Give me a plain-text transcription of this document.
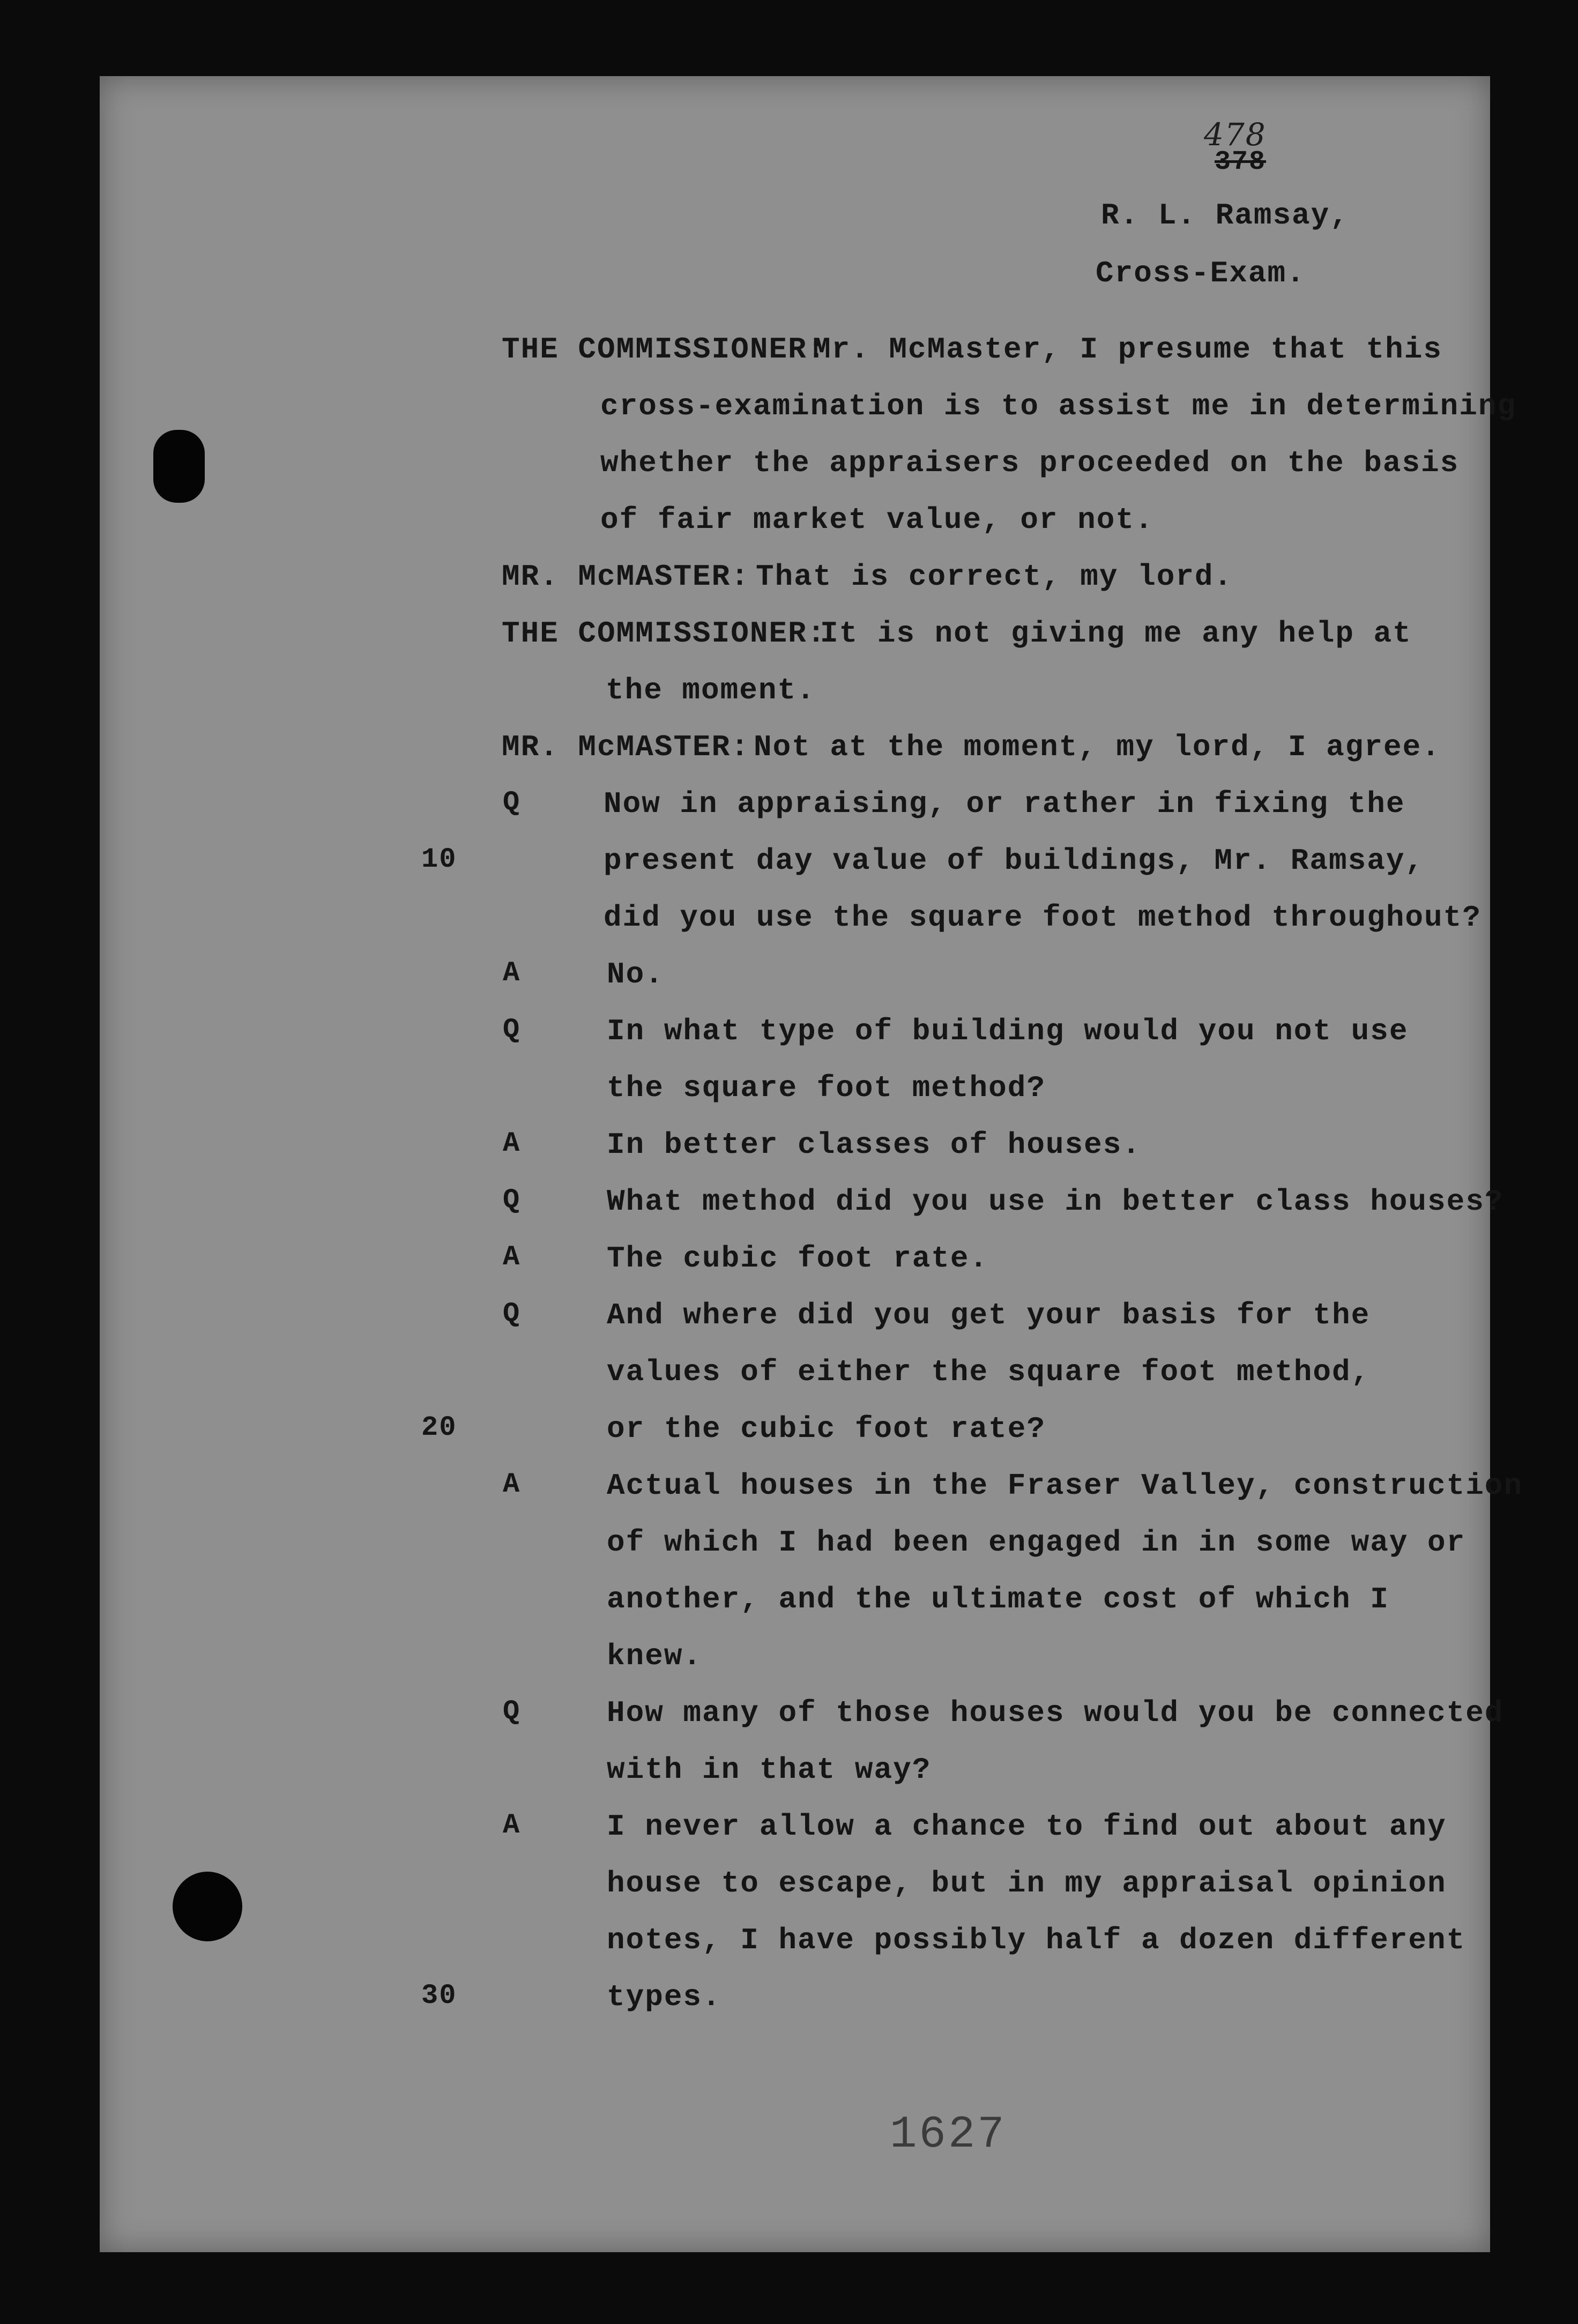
478
378
R. L. Ramsay,
Cross-Exam.
THE COMMISSIONER:
Mr. McMaster, I presume that this
cross-examination is to assist me in determining
whether the appraisers proceeded on the basis
of fair market value, or not.
MR. McMASTER: That is correct, my lord.
THE COMMISSIONER:
It is not giving me any help at
the moment.
MR. McMASTER: Not at the moment, my lord, I agree.
Q	Now in appraising, or rather in fixing the
10	present day value of buildings, Mr. Ramsay,
did you use the square foot method throughout?
A	No.
Q	In what type of building would you not use
the square foot method?
A	In better classes of houses.
Q	What method did you use in better class houses?
A	The cubic foot rate.
Q	And where did you get your basis for the
values of either the square foot method,
20	or the cubic foot rate?
A	Actual houses in the Fraser Valley, construction
of which I had been engaged in in some way or
another, and the ultimate cost of which I
knew.
Q	How many of those houses would you be connected
with in that way?
A	I never allow a chance to find out about any
house to escape, but in my appraisal opinion
notes, I have possibly half a dozen different
30	types.
1627
